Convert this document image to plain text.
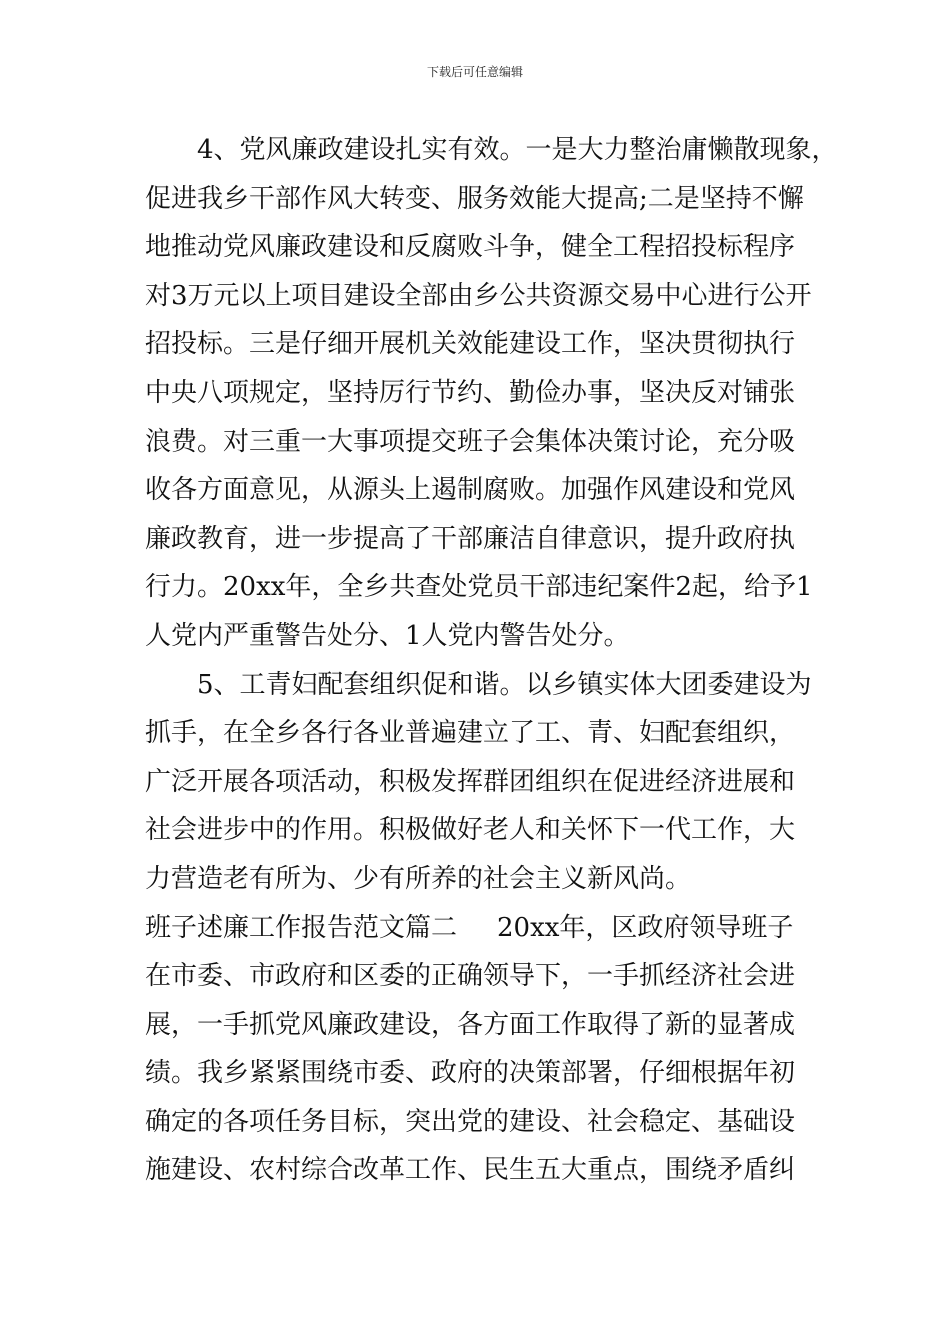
下载后可任意编辑
4、党风廉政建设扎实有效。一是大力整治庸懒散现象，
促进我乡干部作风大转变、服务效能大提高;二是坚持不懈
地推动党风廉政建设和反腐败斗争，健全工程招投标程序
对3万元以上项目建设全部由乡公共资源交易中心进行公开
招投标。三是仔细开展机关效能建设工作，坚决贯彻执行
中央八项规定，坚持厉行节约、勤俭办事，坚决反对铺张
浪费。对三重一大事项提交班子会集体决策讨论，充分吸
收各方面意见，从源头上遏制腐败。加强作风建设和党风
廉政教育，进一步提高了干部廉洁自律意识，提升政府执
行力。20xx年，全乡共查处党员干部违纪案件2起，给予1
人党内严重警告处分、1人党内警告处分。
5、工青妇配套组织促和谐。以乡镇实体大团委建设为
抓手，在全乡各行各业普遍建立了工、青、妇配套组织，
广泛开展各项活动，积极发挥群团组织在促进经济进展和
社会进步中的作用。积极做好老人和关怀下一代工作，大
力营造老有所为、少有所养的社会主义新风尚。
班子述廉工作报告范文篇二 20xx年，区政府领导班子
在市委、市政府和区委的正确领导下，一手抓经济社会进
展，一手抓党风廉政建设，各方面工作取得了新的显著成
绩。我乡紧紧围绕市委、政府的决策部署，仔细根据年初
确定的各项任务目标，突出党的建设、社会稳定、基础设
施建设、农村综合改革工作、民生五大重点，围绕矛盾纠
